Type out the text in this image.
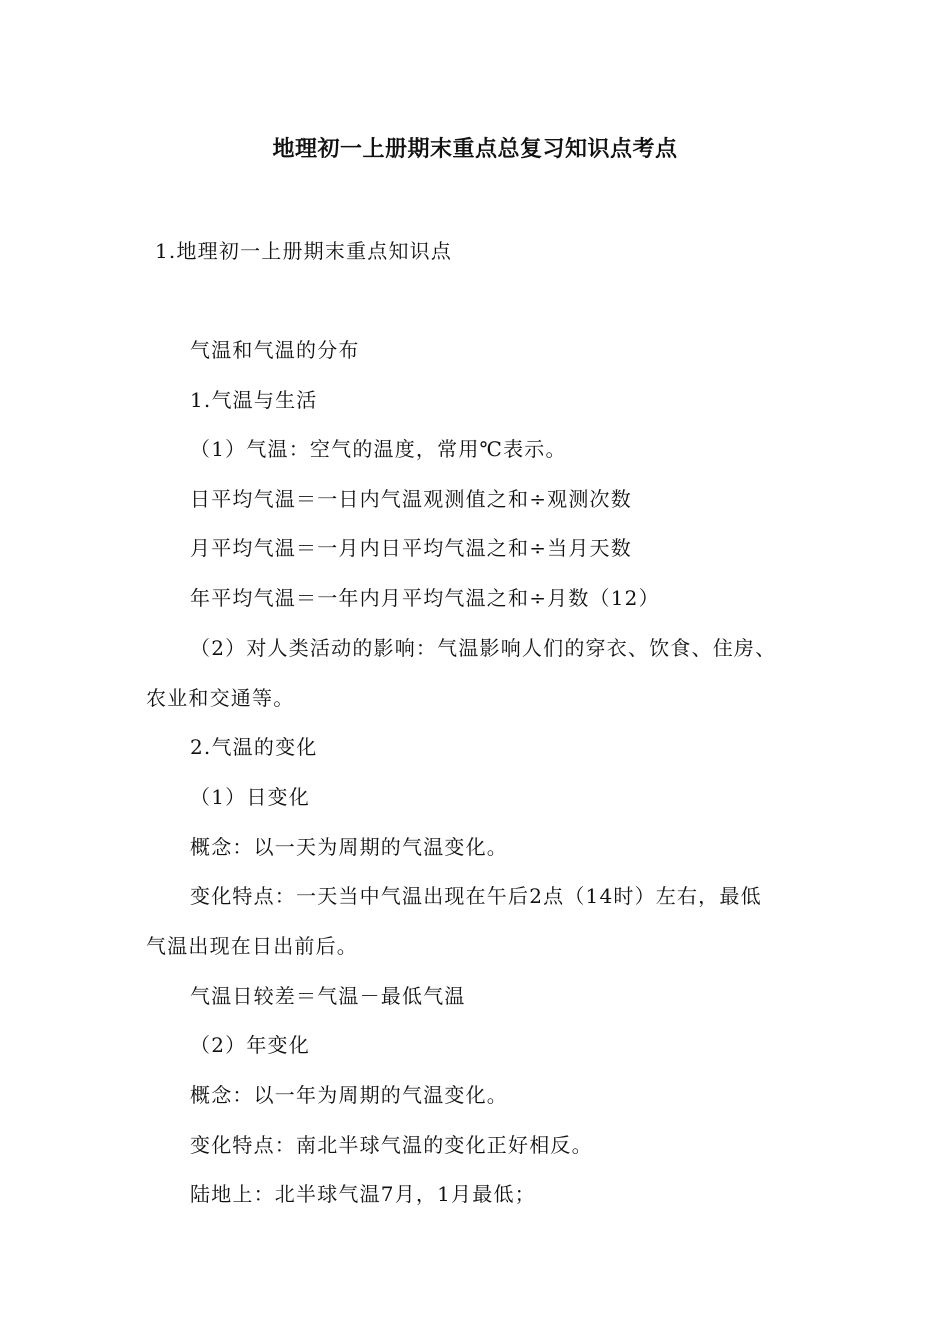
地理初一上册期末重点总复习知识点考点
1.地理初一上册期末重点知识点
气温和气温的分布
1.气温与生活
（1）气温：空气的温度，常用℃表示。
日平均气温＝一日内气温观测值之和÷观测次数
月平均气温＝一月内日平均气温之和÷当月天数
年平均气温＝一年内月平均气温之和÷月数（12）
（2）对人类活动的影响：气温影响人们的穿衣、饮食、住房、
农业和交通等。
2.气温的变化
（1）日变化
概念：以一天为周期的气温变化。
变化特点：一天当中气温出现在午后2点（14时）左右，最低
气温出现在日出前后。
气温日较差＝气温－最低气温
（2）年变化
概念：以一年为周期的气温变化。
变化特点：南北半球气温的变化正好相反。
陆地上：北半球气温7月，1月最低；
